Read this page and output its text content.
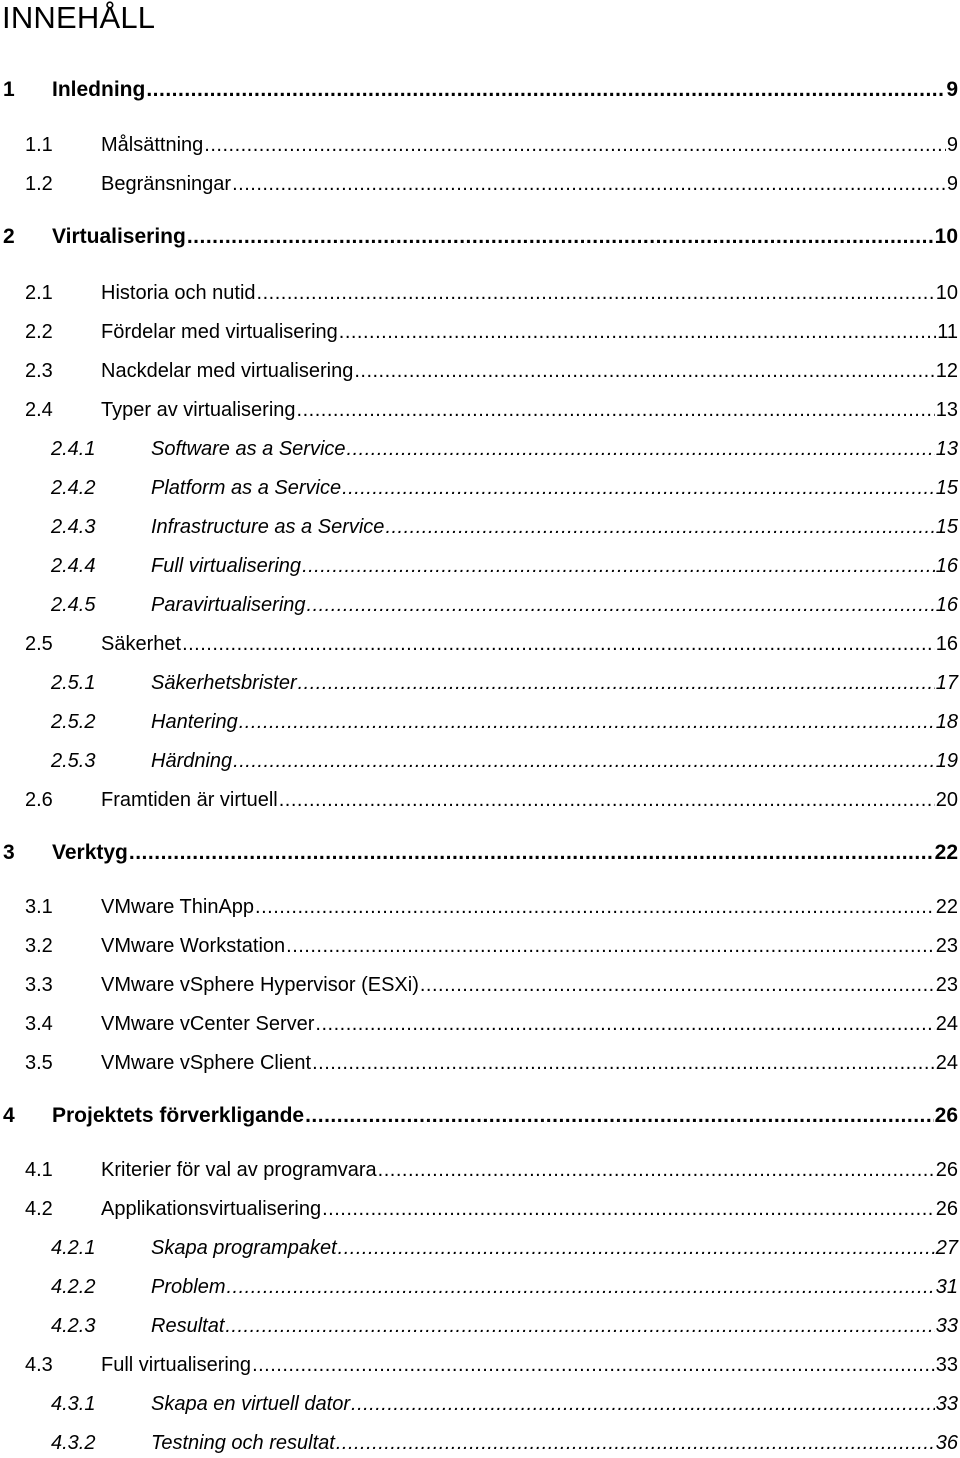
INNEHÅLL
1 Inledning .....	9
1.1 Målsättning .....	9
1.2 Begränsningar .....	9
2 Virtualisering .....	10
2.1 Historia och nutid .....	10
2.2 Fördelar med virtualisering .....	11
2.3 Nackdelar med virtualisering .....	12
2.4 Typer av virtualisering .....	13
2.4.1	Software as a Service .....	13
2.4.2	Platform as a Service .....	15
2.4.3	Infrastructure as a Service .....	15
2.4.4	Full virtualisering .....	16
2.4.5	Paravirtualisering .....	16
2.5 Säkerhet .....	16
2.5.1	Säkerhetsbrister .....	17
2.5.2	Hantering .....	18
2.5.3	Härdning .....	19
2.6 Framtiden är virtuell .....	20
3 Verktyg .....	22
3.1 VMware ThinApp .....	22
3.2 VMware Workstation .....	23
3.3 VMware vSphere Hypervisor (ESXi) .....	23
3.4 VMware vCenter Server .....	24
3.5 VMware vSphere Client .....	24
4 Projektets förverkligande .....	26
4.1 Kriterier för val av programvara .....	26
4.2 Applikationsvirtualisering .....	26
4.2.1	Skapa programpaket .....	27
4.2.2	Problem .....	31
4.2.3	Resultat .....	33
4.3 Full virtualisering .....	33
4.3.1	Skapa en virtuell dator .....	33
4.3.2	Testning och resultat .....	36
